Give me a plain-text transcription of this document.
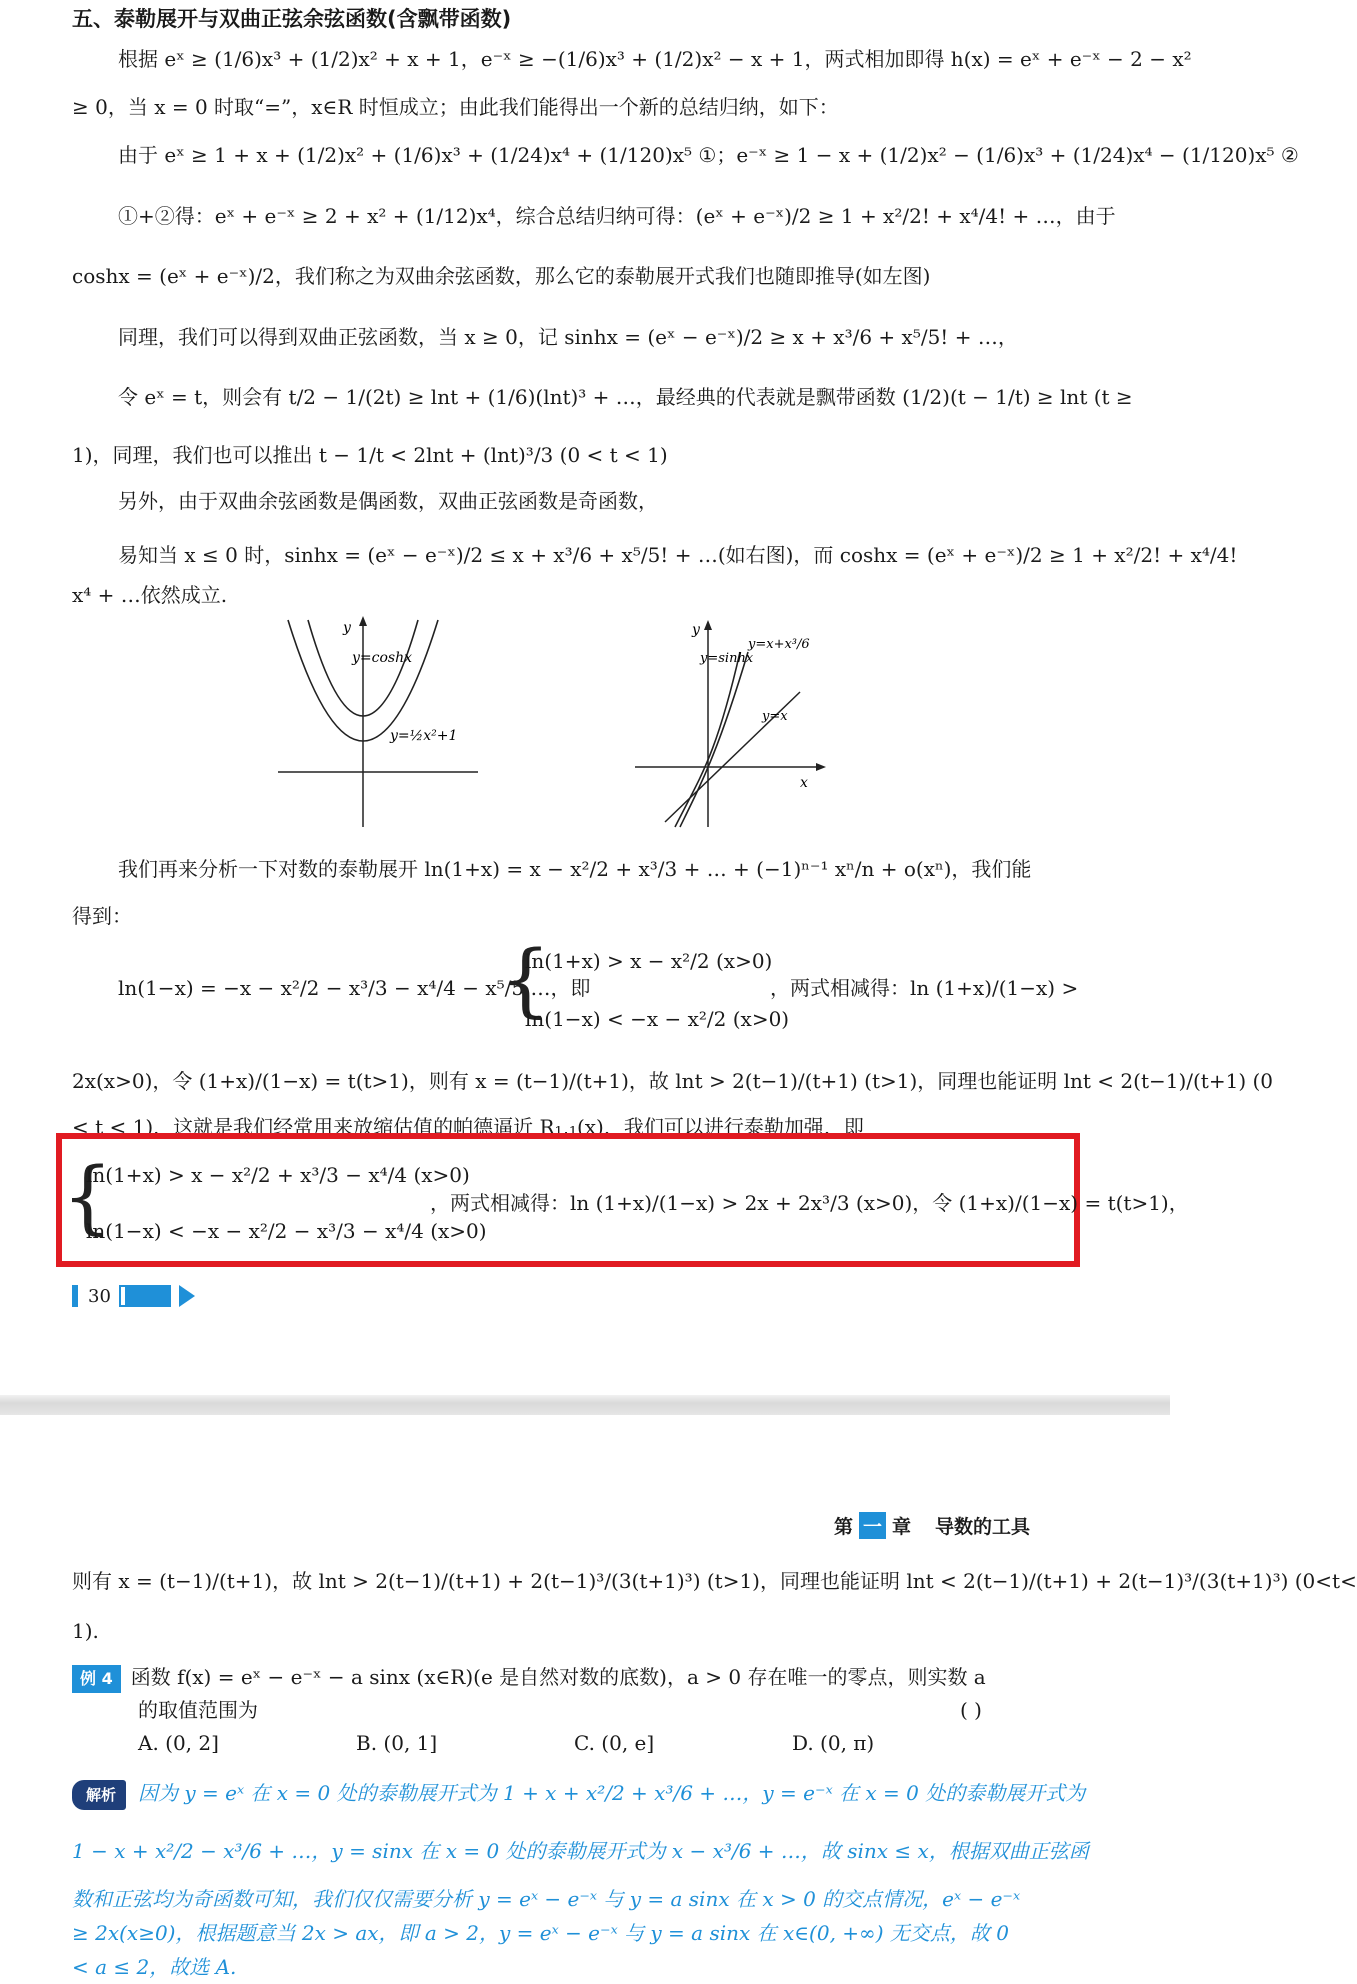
五、泰勒展开与双曲正弦余弦函数(含飘带函数)
根据 eˣ ≥ (1/6)x³ + (1/2)x² + x + 1，e⁻ˣ ≥ −(1/6)x³ + (1/2)x² − x + 1，两式相加即得 h(x) = eˣ + e⁻ˣ − 2 − x²
≥ 0，当 x = 0 时取“=”，x∈R 时恒成立；由此我们能得出一个新的总结归纳，如下：
由于 eˣ ≥ 1 + x + (1/2)x² + (1/6)x³ + (1/24)x⁴ + (1/120)x⁵ ①；e⁻ˣ ≥ 1 − x + (1/2)x² − (1/6)x³ + (1/24)x⁴ − (1/120)x⁵ ②
①+②得：eˣ + e⁻ˣ ≥ 2 + x² + (1/12)x⁴，综合总结归纳可得：(eˣ + e⁻ˣ)/2 ≥ 1 + x²/2! + x⁴/4! + …，由于
coshx = (eˣ + e⁻ˣ)/2，我们称之为双曲余弦函数，那么它的泰勒展开式我们也随即推导(如左图)
同理，我们可以得到双曲正弦函数，当 x ≥ 0，记 sinhx = (eˣ − e⁻ˣ)/2 ≥ x + x³/6 + x⁵/5! + …，
令 eˣ = t，则会有 t/2 − 1/(2t) ≥ lnt + (1/6)(lnt)³ + …，最经典的代表就是飘带函数 (1/2)(t − 1/t) ≥ lnt (t ≥
1)，同理，我们也可以推出 t − 1/t < 2lnt + (lnt)³/3 (0 < t < 1)
另外，由于双曲余弦函数是偶函数，双曲正弦函数是奇函数，
易知当 x ≤ 0 时，sinhx = (eˣ − e⁻ˣ)/2 ≤ x + x³/6 + x⁵/5! + …(如右图)，而 coshx = (eˣ + e⁻ˣ)/2 ≥ 1 + x²/2! + x⁴/4!
x⁴ + …依然成立.
y
y=coshx
y=½x²+1
y
x
y=sinhx
y=x+x³/6
y=x
我们再来分析一下对数的泰勒展开 ln(1+x) = x − x²/2 + x³/3 + … + (−1)ⁿ⁻¹ xⁿ/n + o(xⁿ)，我们能
得到：
ln(1−x) = −x − x²/2 − x³/3 − x⁴/4 − x⁵/5 …，即
{
ln(1+x) > x − x²/2 (x>0)
ln(1−x) < −x − x²/2 (x>0)
，两式相减得：ln (1+x)/(1−x) >
2x(x>0)，令 (1+x)/(1−x) = t(t>1)，则有 x = (t−1)/(t+1)，故 lnt > 2(t−1)/(t+1) (t>1)，同理也能证明 lnt < 2(t−1)/(t+1) (0
< t < 1)，这就是我们经常用来放缩估值的帕德逼近 R₁,₁(x)，我们可以进行泰勒加强，即
{
ln(1+x) > x − x²/2 + x³/3 − x⁴/4 (x>0)
ln(1−x) < −x − x²/2 − x³/3 − x⁴/4 (x>0)
，两式相减得：ln (1+x)/(1−x) > 2x + 2x³/3 (x>0)，令 (1+x)/(1−x) = t(t>1)，
30
第 一 章 导数的工具
则有 x = (t−1)/(t+1)，故 lnt > 2(t−1)/(t+1) + 2(t−1)³/(3(t+1)³) (t>1)，同理也能证明 lnt < 2(t−1)/(t+1) + 2(t−1)³/(3(t+1)³) (0<t<
1).
例 4 函数 f(x) = eˣ − e⁻ˣ − a sinx (x∈R)(e 是自然对数的底数)，a > 0 存在唯一的零点，则实数 a
的取值范围为	( )
A. (0, 2]	B. (0, 1]	C. (0, e]	D. (0, π)
解析 因为 y = eˣ 在 x = 0 处的泰勒展开式为 1 + x + x²/2 + x³/6 + …，y = e⁻ˣ 在 x = 0 处的泰勒展开式为
1 − x + x²/2 − x³/6 + …，y = sinx 在 x = 0 处的泰勒展开式为 x − x³/6 + …，故 sinx ≤ x，根据双曲正弦函
数和正弦均为奇函数可知，我们仅仅需要分析 y = eˣ − e⁻ˣ 与 y = a sinx 在 x > 0 的交点情况，eˣ − e⁻ˣ
≥ 2x(x≥0)，根据题意当 2x > ax，即 a > 2，y = eˣ − e⁻ˣ 与 y = a sinx 在 x∈(0, +∞) 无交点，故 0
< a ≤ 2，故选 A.
